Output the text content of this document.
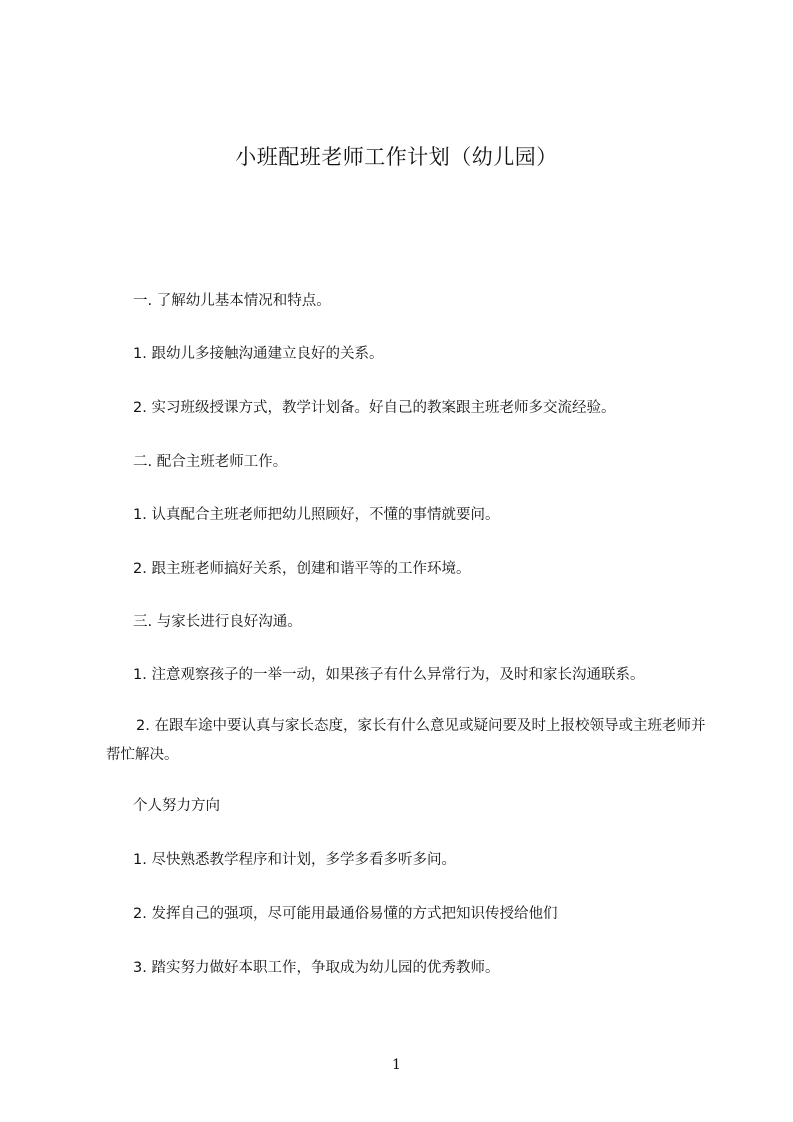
小班配班老师工作计划（幼儿园）
一. 了解幼儿基本情况和特点。
1. 跟幼儿多接触沟通建立良好的关系。
2. 实习班级授课方式，教学计划备。好自己的教案跟主班老师多交流经验。
二. 配合主班老师工作。
1. 认真配合主班老师把幼儿照顾好，不懂的事情就要问。
2. 跟主班老师搞好关系，创建和谐平等的工作环境。
三. 与家长进行良好沟通。
1. 注意观察孩子的一举一动，如果孩子有什么异常行为，及时和家长沟通联系。
2. 在跟车途中要认真与家长态度，家长有什么意见或疑问要及时上报校领导或主班老师并帮忙解决。
个人努力方向
1. 尽快熟悉教学程序和计划，多学多看多听多问。
2. 发挥自己的强项，尽可能用最通俗易懂的方式把知识传授给他们
3. 踏实努力做好本职工作，争取成为幼儿园的优秀教师。
1
